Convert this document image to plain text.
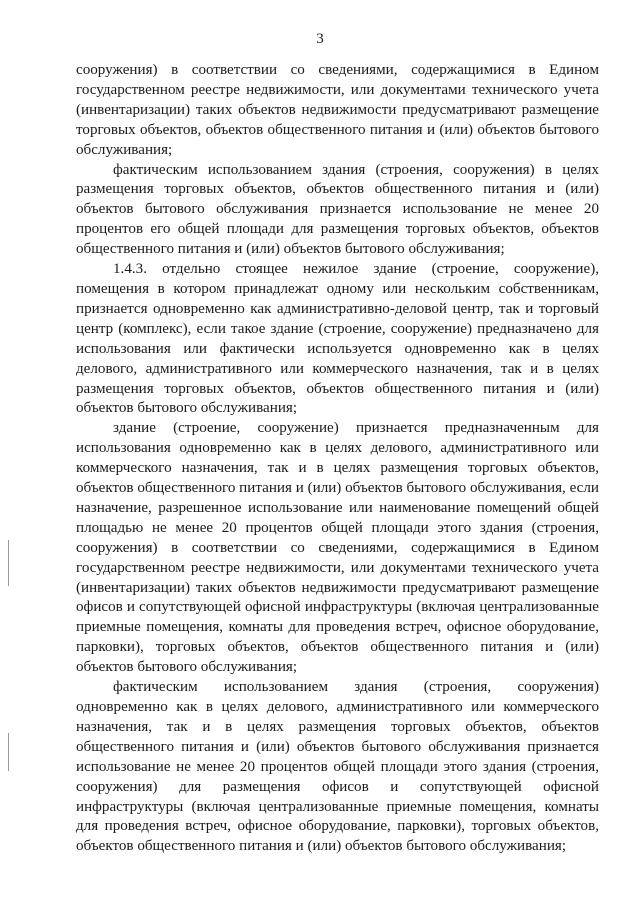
3

сооружения) в соответствии со сведениями, содержащимися в Едином государственном реестре недвижимости, или документами технического учета (инвентаризации) таких объектов недвижимости предусматривают размещение торговых объектов, объектов общественного питания и (или) объектов бытового обслуживания;

фактическим использованием здания (строения, сооружения) в целях размещения торговых объектов, объектов общественного питания и (или) объектов бытового обслуживания признается использование не менее 20 процентов его общей площади для размещения торговых объектов, объектов общественного питания и (или) объектов бытового обслуживания;

1.4.3. отдельно стоящее нежилое здание (строение, сооружение), помещения в котором принадлежат одному или нескольким собственникам, признается одновременно как административно-деловой центр, так и торговый центр (комплекс), если такое здание (строение, сооружение) предназначено для использования или фактически используется одновременно как в целях делового, административного или коммерческого назначения, так и в целях размещения торговых объектов, объектов общественного питания и (или) объектов бытового обслуживания;

здание (строение, сооружение) признается предназначенным для использования одновременно как в целях делового, административного или коммерческого назначения, так и в целях размещения торговых объектов, объектов общественного питания и (или) объектов бытового обслуживания, если назначение, разрешенное использование или наименование помещений общей площадью не менее 20 процентов общей площади этого здания (строения, сооружения) в соответствии со сведениями, содержащимися в Едином государственном реестре недвижимости, или документами технического учета (инвентаризации) таких объектов недвижимости предусматривают размещение офисов и сопутствующей офисной инфраструктуры (включая централизованные приемные помещения, комнаты для проведения встреч, офисное оборудование, парковки), торговых объектов, объектов общественного питания и (или) объектов бытового обслуживания;

фактическим использованием здания (строения, сооружения) одновременно как в целях делового, административного или коммерческого назначения, так и в целях размещения торговых объектов, объектов общественного питания и (или) объектов бытового обслуживания признается использование не менее 20 процентов общей площади этого здания (строения, сооружения) для размещения офисов и сопутствующей офисной инфраструктуры (включая централизованные приемные помещения, комнаты для проведения встреч, офисное оборудование, парковки), торговых объектов, объектов общественного питания и (или) объектов бытового обслуживания;
